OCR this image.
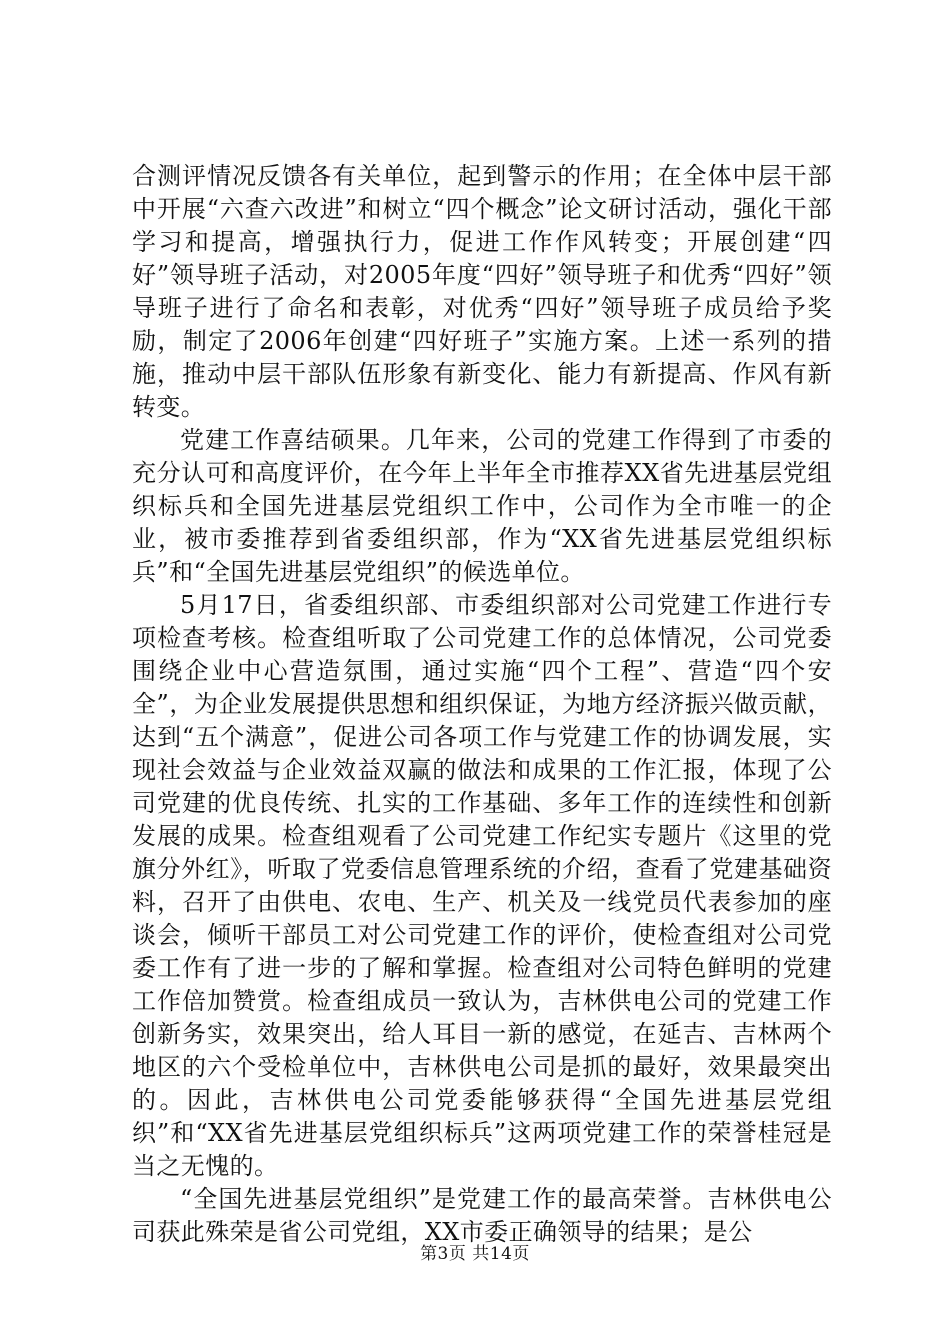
合测评情况反馈各有关单位，起到警示的作用；在全体中层干部中开展“六查六改进”和树立“四个概念”论文研讨活动，强化干部学习和提高，增强执行力，促进工作作风转变；开展创建“四好”领导班子活动，对2005年度“四好”领导班子和优秀“四好”领导班子进行了命名和表彰，对优秀“四好”领导班子成员给予奖励，制定了2006年创建“四好班子”实施方案。上述一系列的措施，推动中层干部队伍形象有新变化、能力有新提高、作风有新转变。

党建工作喜结硕果。几年来，公司的党建工作得到了市委的充分认可和高度评价，在今年上半年全市推荐XX省先进基层党组织标兵和全国先进基层党组织工作中，公司作为全市唯一的企业，被市委推荐到省委组织部，作为“XX省先进基层党组织标兵”和“全国先进基层党组织”的候选单位。

5月17日，省委组织部、市委组织部对公司党建工作进行专项检查考核。检查组听取了公司党建工作的总体情况，公司党委围绕企业中心营造氛围，通过实施“四个工程”、营造“四个安全”，为企业发展提供思想和组织保证，为地方经济振兴做贡献，达到“五个满意”，促进公司各项工作与党建工作的协调发展，实现社会效益与企业效益双赢的做法和成果的工作汇报，体现了公司党建的优良传统、扎实的工作基础、多年工作的连续性和创新发展的成果。检查组观看了公司党建工作纪实专题片《这里的党旗分外红》，听取了党委信息管理系统的介绍，查看了党建基础资料，召开了由供电、农电、生产、机关及一线党员代表参加的座谈会，倾听干部员工对公司党建工作的评价，使检查组对公司党委工作有了进一步的了解和掌握。检查组对公司特色鲜明的党建工作倍加赞赏。检查组成员一致认为，吉林供电公司的党建工作创新务实，效果突出，给人耳目一新的感觉，在延吉、吉林两个地区的六个受检单位中，吉林供电公司是抓的最好，效果最突出的。因此，吉林供电公司党委能够获得“全国先进基层党组织”和“XX省先进基层党组织标兵”这两项党建工作的荣誉桂冠是当之无愧的。

“全国先进基层党组织”是党建工作的最高荣誉。吉林供电公司获此殊荣是省公司党组，XX市委正确领导的结果；是公

第3页 共14页
